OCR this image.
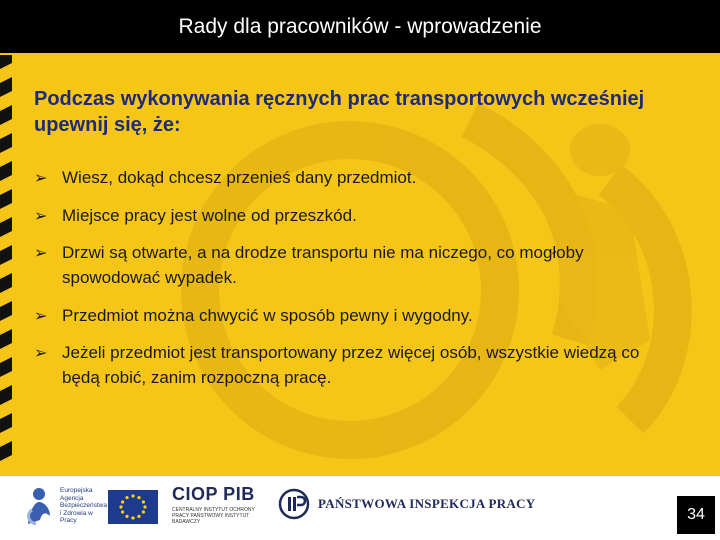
Rady dla pracowników - wprowadzenie

Podczas wykonywania ręcznych prac transportowych wcześniej upewnij się, że:

➢ Wiesz, dokąd chcesz przenieś dany przedmiot.
➢ Miejsce pracy jest wolne od przeszkód.
➢ Drzwi są otwarte, a na drodze transportu nie ma niczego, co mogłoby spowodować wypadek.
➢ Przedmiot można chwycić w sposób pewny i wygodny.
➢ Jeżeli przedmiot jest transportowany przez więcej osób, wszystkie wiedzą co będą robić, zanim rozpoczną pracę.
Europejska Agencja Bezpieczeństwa i Zdrowia w Pracy
CIOP PIB
CENTRALNY INSTYTUT OCHRONY PRACY PAŃSTWOWY INSTYTUT BADAWCZY
PAŃSTWOWA INSPEKCJA PRACY
34
